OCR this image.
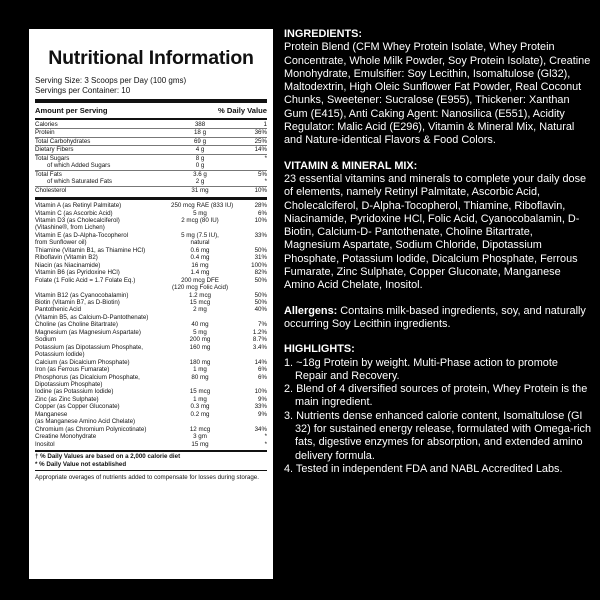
Nutritional Information
Serving Size: 3 Scoops per Day (100 gms)
Servings per Container: 10
Amount per Serving	% Daily Value
Calories	388	1
Protein	18 g	36%
Total Carbohydrates	69 g	25%
Dietary Fibers	4 g	14%
Total Sugars	8 g	*
of which Added Sugars	0 g
Total Fats	3.6 g	5%
of which Saturated Fats	2 g	*
Cholesterol	31 mg	10%
Vitamin A (as Retinyl Palmitate)	250 mcg RAE (833 IU)	28%
Vitamin C (as Ascorbic Acid)	5 mg	6%
Vitamin D3 (as Cholecalciferol)	2 mcg (80 IU)	10%
(Vitashine®, from Lichen)
Vitamin E (as D-Alpha-Tocopherol	5 mg (7.5 IU),	33%
from Sunflower oil)	natural
Thiamine (Vitamin B1, as Thiamine HCl)	0.6 mg	50%
Riboflavin (Vitamin B2)	0.4 mg	31%
Niacin (as Niacinamide)	16 mg	100%
Vitamin B6 (as Pyridoxine HCl)	1.4 mg	82%
Folate (1 Folic Acid = 1.7 Folate Eq.)	200 mcg DFE	50%
(120 mcg Folic Acid)
Vitamin B12 (as Cyanocobalamin)	1.2 mcg	50%
Biotin (Vitamin B7, as D-Biotin)	15 mcg	50%
Pantothenic Acid	2 mg	40%
(Vitamin B5, as Calcium-D-Pantothenate)
Choline (as Choline Bitartrate)	40 mg	7%
Magnesium (as Magnesium Aspartate)	5 mg	1.2%
Sodium	200 mg	8.7%
Potassium (as Dipotassium Phosphate,	160 mg	3.4%
Potassium Iodide)
Calcium (as Dicalcium Phosphate)	180 mg	14%
Iron (as Ferrous Fumarate)	1 mg	6%
Phosphorus (as Dicalcium Phosphate,	80 mg	6%
Dipotassium Phosphate)
Iodine (as Potassium Iodide)	15 mcg	10%
Zinc (as Zinc Sulphate)	1 mg	9%
Copper (as Copper Gluconate)	0.3 mg	33%
Manganese	0.2 mg	9%
(as Manganese Amino Acid Chelate)
Chromium (as Chromium Polynicotinate)	12 mcg	34%
Creatine Monohydrate	3 gm	*
Inositol	15 mg	*
† % Daily Values are based on a 2,000 calorie diet
* % Daily Value not established
Appropriate overages of nutrients added to compensate for losses during storage.
INGREDIENTS:

Protein Blend (CFM Whey Protein Isolate, Whey Protein Concentrate, Whole Milk Powder, Soy Protein Isolate), Creatine Monohydrate, Emulsifier: Soy Lecithin, Isomaltulose (Gl32), Maltodextrin, High Oleic Sunflower Fat Powder, Real Coconut Chunks, Sweetener: Sucralose (E955), Thickener: Xanthan Gum (E415), Anti Caking Agent: Nanosilica (E551), Acidity Regulator: Malic Acid (E296), Vitamin & Mineral Mix, Natural and Nature-identical Flavors & Food Colors.

VITAMIN & MINERAL MIX:

23 essential vitamins and minerals to complete your daily dose of elements, namely Retinyl Palmitate, Ascorbic Acid, Cholecalciferol, D-Alpha-Tocopherol, Thiamine, Riboflavin, Niacinamide, Pyridoxine HCl, Folic Acid, Cyanocobalamin, D-Biotin, Calcium-D- Pantothenate, Choline Bitartrate, Magnesium Aspartate, Sodium Chloride, Dipotassium Phosphate, Potassium Iodide, Dicalcium Phosphate, Ferrous Fumarate, Zinc Sulphate, Copper Gluconate, Manganese Amino Acid Chelate, Inositol.

Allergens: Contains milk-based ingredients, soy, and naturally occurring Soy Lecithin ingredients.

HIGHLIGHTS:
1. ~18g Protein by weight. Multi-Phase action to promote Repair and Recovery.
2. Blend of 4 diversified sources of protein, Whey Protein is the main ingredient.
3. Nutrients dense enhanced calorie content, Isomaltulose (GI 32) for sustained energy release, formulated with Omega-rich fats, digestive enzymes for absorption, and extended amino delivery formula.
4. Tested in independent FDA and NABL Accredited Labs.
